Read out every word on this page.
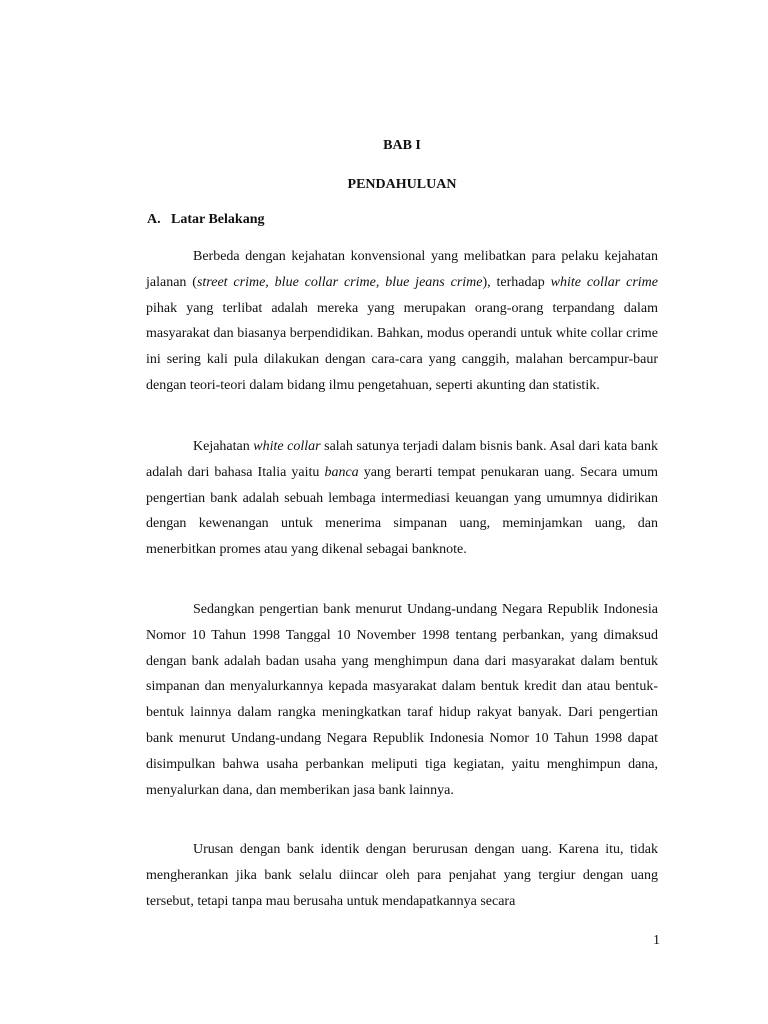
BAB I
PENDAHULUAN
A. Latar Belakang

Berbeda dengan kejahatan konvensional yang melibatkan para pelaku kejahatan jalanan (street crime, blue collar crime, blue jeans crime), terhadap white collar crime pihak yang terlibat adalah mereka yang merupakan orang-orang terpandang dalam masyarakat dan biasanya berpendidikan. Bahkan, modus operandi untuk white collar crime ini sering kali pula dilakukan dengan cara-cara yang canggih, malahan bercampur-baur dengan teori-teori dalam bidang ilmu pengetahuan, seperti akunting dan statistik.

Kejahatan white collar salah satunya terjadi dalam bisnis bank. Asal dari kata bank adalah dari bahasa Italia yaitu banca yang berarti tempat penukaran uang. Secara umum pengertian bank adalah sebuah lembaga intermediasi keuangan yang umumnya didirikan dengan kewenangan untuk menerima simpanan uang, meminjamkan uang, dan menerbitkan promes atau yang dikenal sebagai banknote.

Sedangkan pengertian bank menurut Undang-undang Negara Republik Indonesia Nomor 10 Tahun 1998 Tanggal 10 November 1998 tentang perbankan, yang dimaksud dengan bank adalah badan usaha yang menghimpun dana dari masyarakat dalam bentuk simpanan dan menyalurkannya kepada masyarakat dalam bentuk kredit dan atau bentuk-bentuk lainnya dalam rangka meningkatkan taraf hidup rakyat banyak. Dari pengertian bank menurut Undang-undang Negara Republik Indonesia Nomor 10 Tahun 1998 dapat disimpulkan bahwa usaha perbankan meliputi tiga kegiatan, yaitu menghimpun dana, menyalurkan dana, dan memberikan jasa bank lainnya.

Urusan dengan bank identik dengan berurusan dengan uang. Karena itu, tidak mengherankan jika bank selalu diincar oleh para penjahat yang tergiur dengan uang tersebut, tetapi tanpa mau berusaha untuk mendapatkannya secara

1
